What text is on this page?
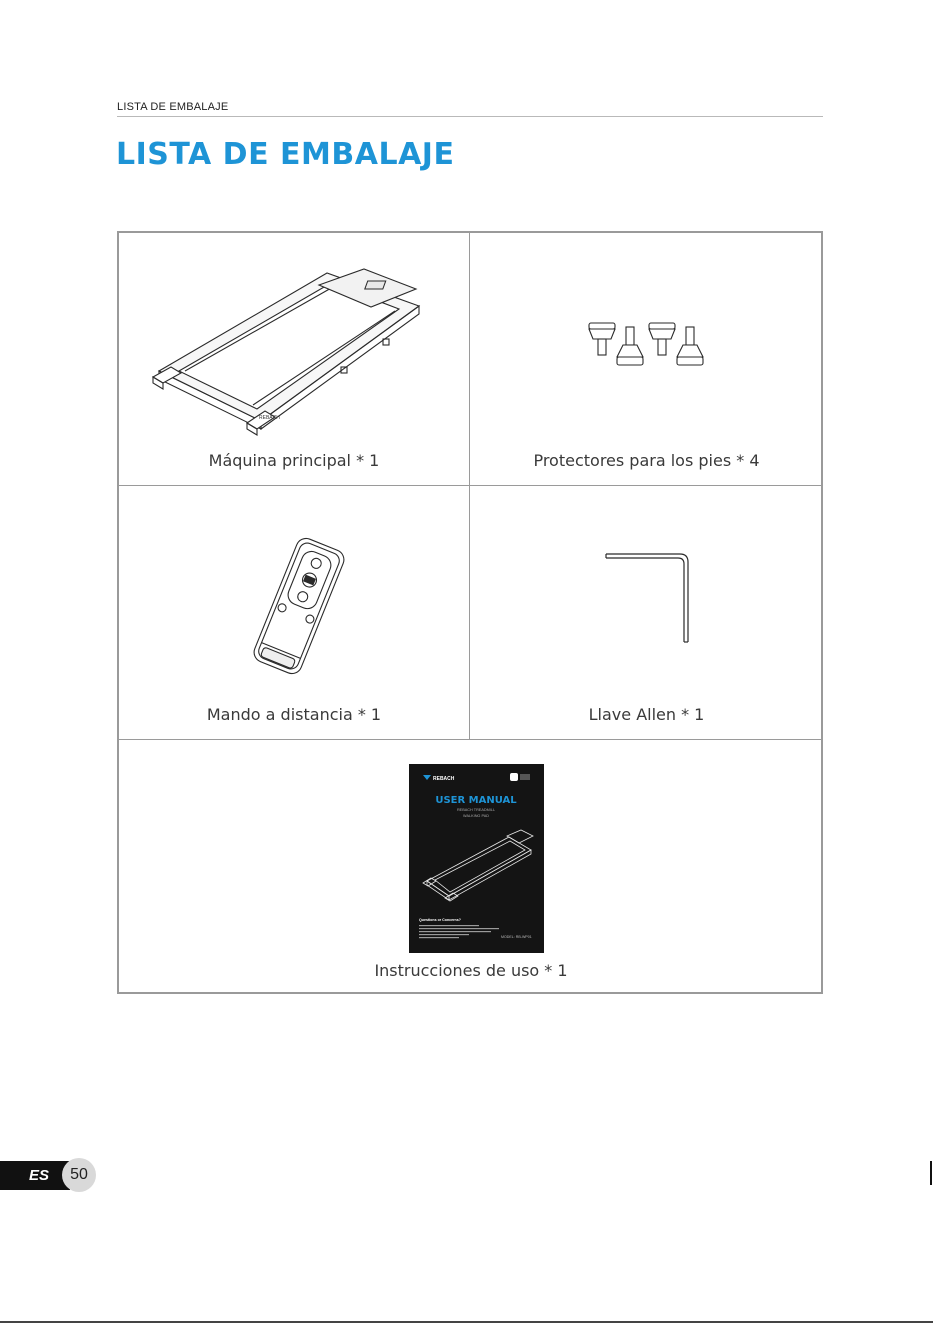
LISTA DE EMBALAJE
LISTA DE EMBALAJE
REBACH
Máquina principal * 1	Protectores para los pies * 4
Mando a distancia * 1	Llave Allen * 1
REBACH
USER MANUAL
REBACH TREADMILL
WALKING PAD
Questions or Concerns?
MODEL: RB-WP01
Instrucciones de uso * 1
ES	50
